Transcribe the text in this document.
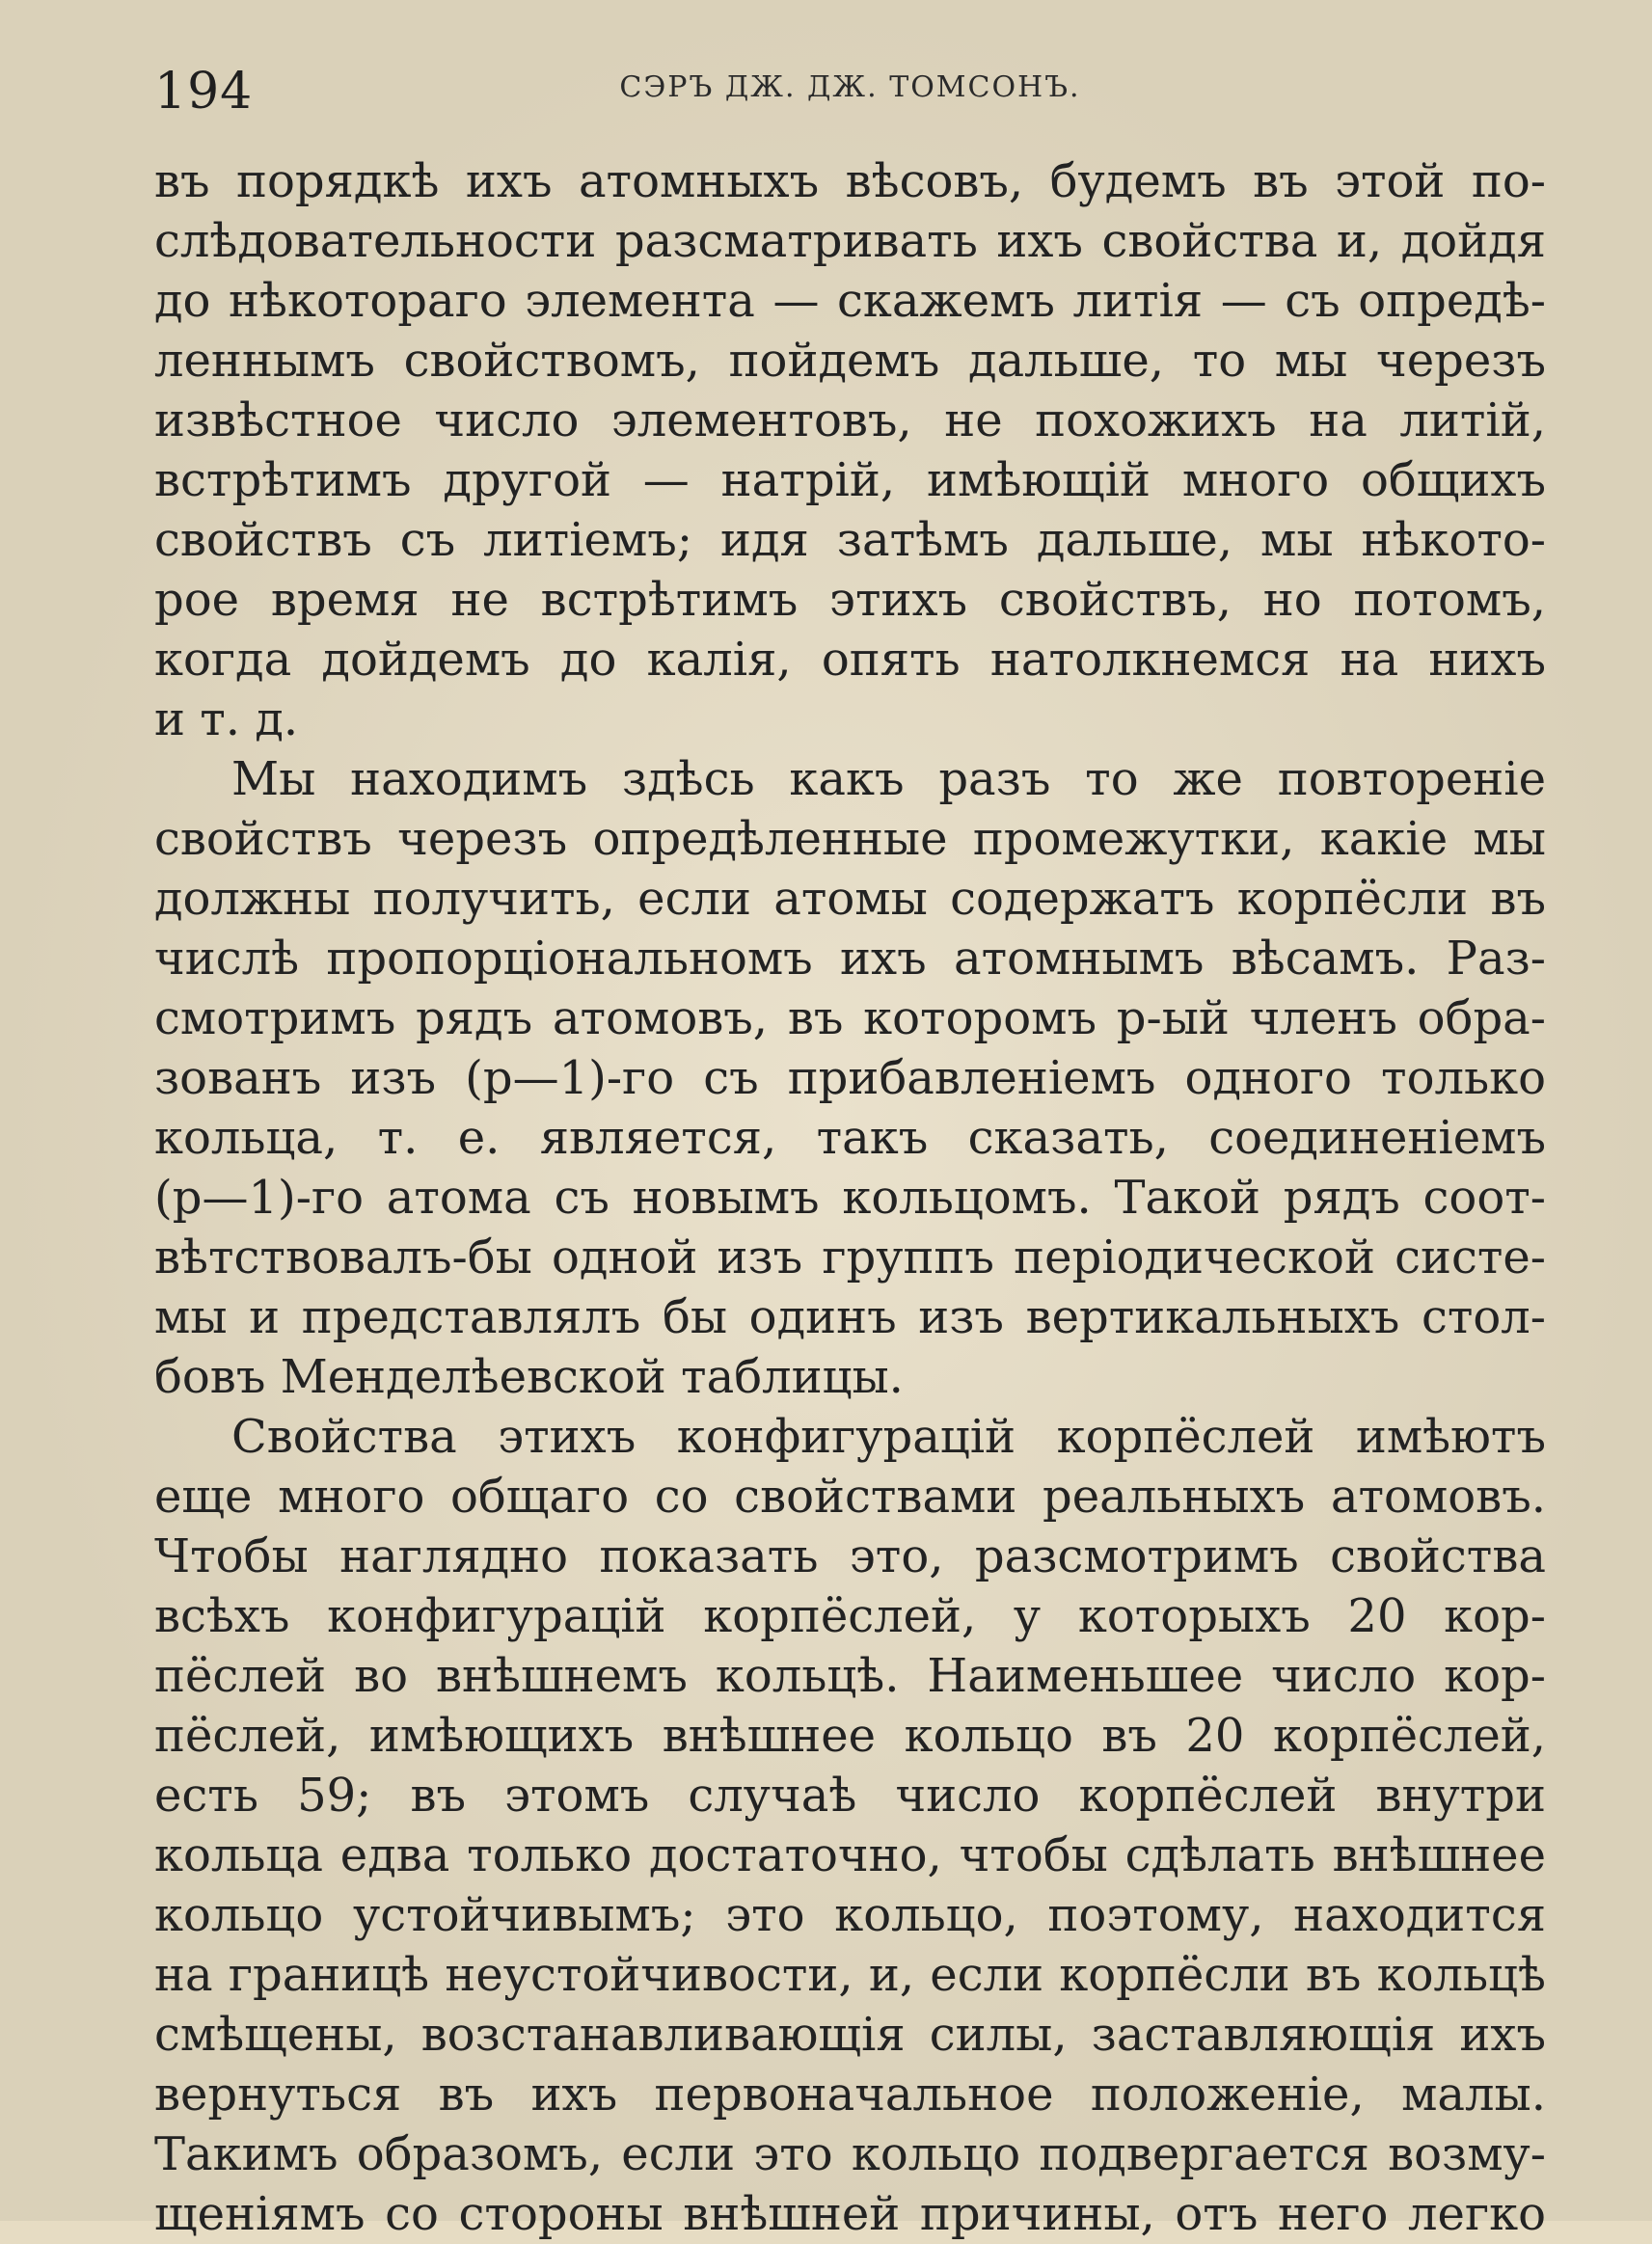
194	СЭРЪ ДЖ. ДЖ. ТОМСОНЪ.

въ порядкѣ ихъ атомныхъ вѣсовъ, будемъ въ этой по-
слѣдовательности разсматривать ихъ свойства и, дойдя
до нѣкотораго элемента — скажемъ литія — съ опредѣ-
леннымъ свойствомъ, пойдемъ дальше, то мы черезъ
извѣстное число элементовъ, не похожихъ на литій,
встрѣтимъ другой — натрій, имѣющій много общихъ
свойствъ съ литіемъ; идя затѣмъ дальше, мы нѣкото-
рое время не встрѣтимъ этихъ свойствъ, но потомъ,
когда дойдемъ до калія, опять натолкнемся на нихъ
и т. д.

Мы находимъ здѣсь какъ разъ то же повтореніе
свойствъ черезъ опредѣленные промежутки, какіе мы
должны получить, если атомы содержатъ корпёсли въ
числѣ пропорціональномъ ихъ атомнымъ вѣсамъ. Раз-
смотримъ рядъ атомовъ, въ которомъ p-ый членъ обра-
зованъ изъ (p—1)-го съ прибавленіемъ одного только
кольца, т. е. является, такъ сказать, соединеніемъ
(p—1)-го атома съ новымъ кольцомъ. Такой рядъ соот-
вѣтствовалъ-бы одной изъ группъ періодической систе-
мы и представлялъ бы одинъ изъ вертикальныхъ стол-
бовъ Менделѣевской таблицы.

Свойства этихъ конфигурацій корпёслей имѣютъ
еще много общаго со свойствами реальныхъ атомовъ.
Чтобы наглядно показать это, разсмотримъ свойства
всѣхъ конфигурацій корпёслей, у которыхъ 20 кор-
пёслей во внѣшнемъ кольцѣ. Наименьшее число кор-
пёслей, имѣющихъ внѣшнее кольцо въ 20 корпёслей,
есть 59; въ этомъ случаѣ число корпёслей внутри
кольца едва только достаточно, чтобы сдѣлать внѣшнее
кольцо устойчивымъ; это кольцо, поэтому, находится
на границѣ неустойчивости, и, если корпёсли въ кольцѣ
смѣщены, возстанавливающія силы, заставляющія ихъ
вернуться въ ихъ первоначальное положеніе, малы.
Такимъ образомъ, если это кольцо подвергается возму-
щеніямъ со стороны внѣшней причины, отъ него легко
